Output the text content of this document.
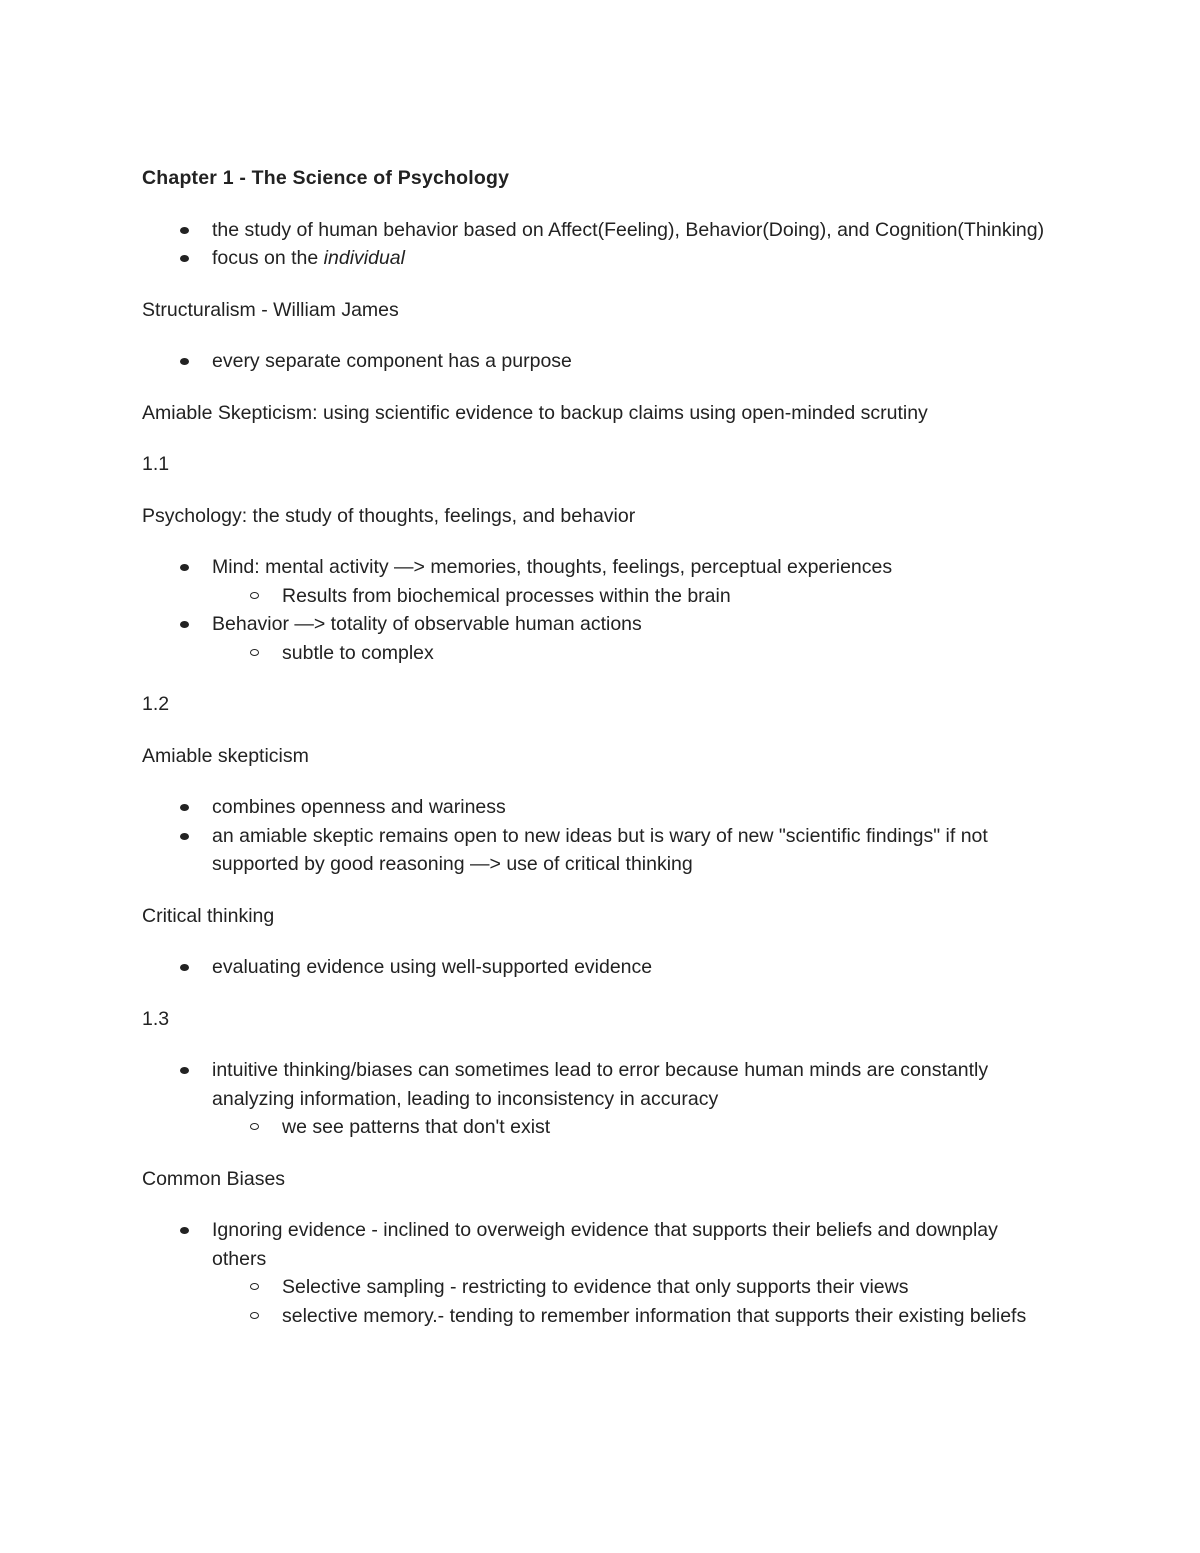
Chapter 1 - The Science of Psychology
the study of human behavior based on Affect(Feeling), Behavior(Doing), and Cognition(Thinking)
focus on the individual
Structuralism - William James
every separate component has a purpose
Amiable Skepticism: using scientific evidence to backup claims using open-minded scrutiny
1.1
Psychology: the study of thoughts, feelings, and behavior
Mind: mental activity —> memories, thoughts, feelings, perceptual experiences
Results from biochemical processes within the brain
Behavior —> totality of observable human actions
subtle to complex
1.2
Amiable skepticism
combines openness and wariness
an amiable skeptic remains open to new ideas but is wary of new "scientific findings" if not supported by good reasoning —> use of critical thinking
Critical thinking
evaluating evidence using well-supported evidence
1.3
intuitive thinking/biases can sometimes lead to error because human minds are constantly analyzing information, leading to inconsistency in accuracy
we see patterns that don't exist
Common Biases
Ignoring evidence - inclined to overweigh evidence that supports their beliefs and downplay others
Selective sampling - restricting to evidence that only supports their views
selective memory.- tending to remember information that supports their existing beliefs
